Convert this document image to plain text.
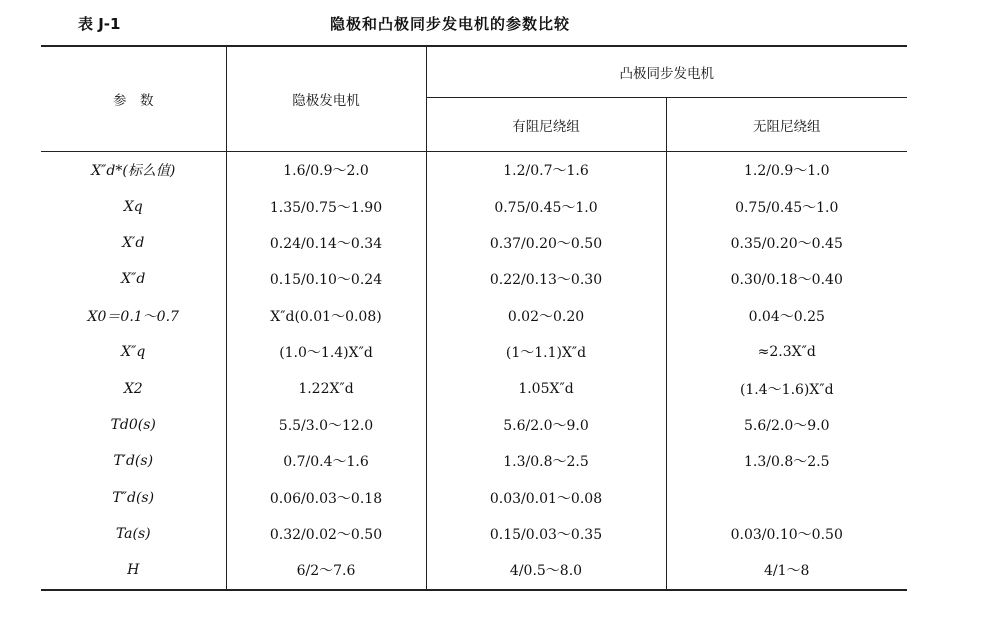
表 J-1	隐极和凸极同步发电机的参数比较
参　数	隐极发电机	凸极同步发电机	
		有阻尼绕组	无阻尼绕组
X″d*(标么值)	1.6/0.9～2.0	1.2/0.7～1.6	1.2/0.9～1.0
Xq	1.35/0.75～1.90	0.75/0.45～1.0	0.75/0.45～1.0
X′d	0.24/0.14～0.34	0.37/0.20～0.50	0.35/0.20～0.45
X″d	0.15/0.10～0.24	0.22/0.13～0.30	0.30/0.18～0.40
X0＝0.1～0.7	X″d(0.01～0.08)	0.02～0.20	0.04～0.25
X″q	(1.0～1.4)X″d	(1～1.1)X″d	≈2.3X″d
X2	1.22X″d	1.05X″d	(1.4～1.6)X″d
Td0(s)	5.5/3.0～12.0	5.6/2.0～9.0	5.6/2.0～9.0
T′d(s)	0.7/0.4～1.6	1.3/0.8～2.5	1.3/0.8～2.5
T″d(s)	0.06/0.03～0.18	0.03/0.01～0.08	
Ta(s)	0.32/0.02～0.50	0.15/0.03～0.35	0.03/0.10～0.50
H	6/2～7.6	4/0.5～8.0	4/1～8
